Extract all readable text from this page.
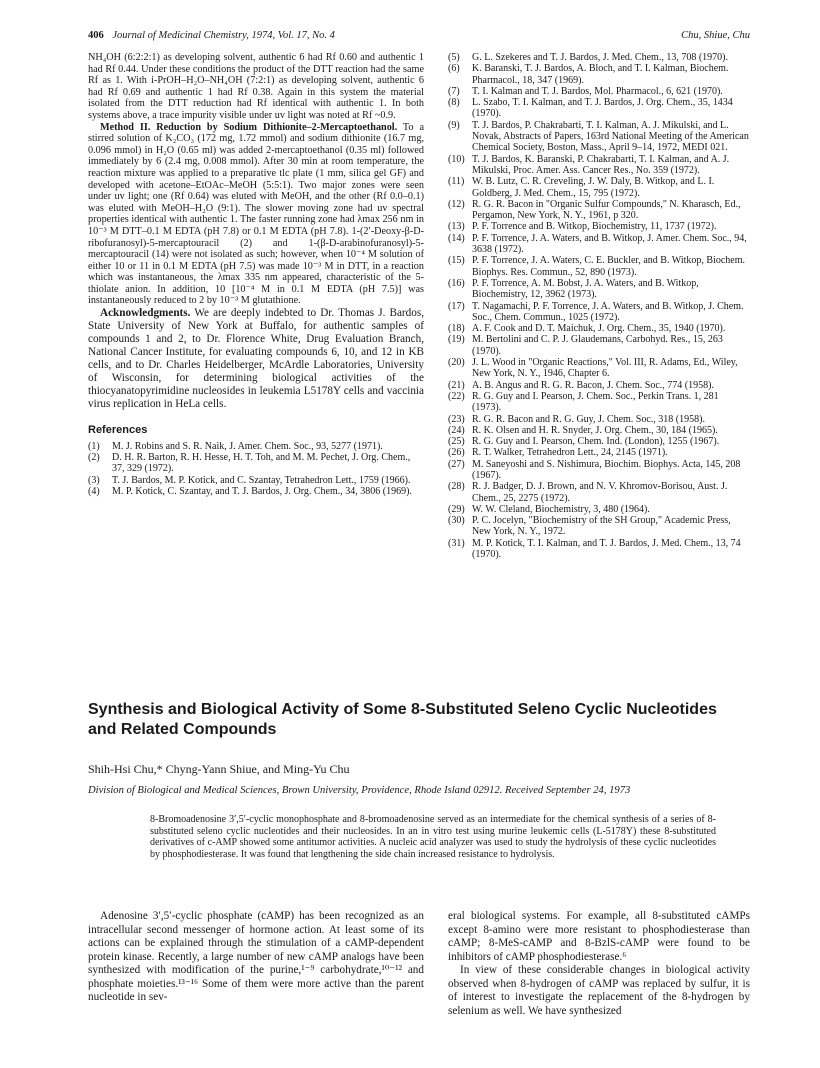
406 Journal of Medicinal Chemistry, 1974, Vol. 17, No. 4	Chu, Shiue, Chu

NH₄OH (6:2:2:1) as developing solvent, authentic 6 had Rf 0.60 and authentic 1 had Rf 0.44. Under these conditions the product of the DTT reaction had the same Rf as 1. With i-PrOH–H₂O–NH₄OH (7:2:1) as developing solvent, authentic 6 had Rf 0.69 and authentic 1 had Rf 0.38. Again in this system the material isolated from the DTT reduction had Rf identical with authentic 1. In both systems above, a trace impurity visible under uv light was noted at Rf ~0.9.

Method II. Reduction by Sodium Dithionite–2-Mercaptoethanol. To a stirred solution of K₂CO₃ (172 mg, 1.72 mmol) and sodium dithionite (16.7 mg, 0.096 mmol) in H₂O (0.65 ml) was added 2-mercaptoethanol (0.35 ml) followed immediately by 6 (2.4 mg, 0.008 mmol). After 30 min at room temperature, the reaction mixture was applied to a preparative tlc plate (1 mm, silica gel GF) and developed with acetone–EtOAc–MeOH (5:5:1). Two major zones were seen under uv light; one (Rf 0.64) was eluted with MeOH, and the other (Rf 0.0–0.1) was eluted with MeOH–H₂O (9:1). The slower moving zone had uv spectral properties identical with authentic 1. The faster running zone had λmax 256 nm in 10⁻³ M DTT–0.1 M EDTA (pH 7.8) or 0.1 M EDTA (pH 7.8). 1-(2′-Deoxy-β-D-ribofuranosyl)-5-mercaptouracil (2) and 1-(β-D-arabinofuranosyl)-5-mercaptouracil (14) were not isolated as such; however, when 10⁻⁴ M solution of either 10 or 11 in 0.1 M EDTA (pH 7.5) was made 10⁻³ M in DTT, in a reaction which was instantaneous, the λmax 335 nm appeared, characteristic of the 5-thiolate anion. In addition, 10 [10⁻⁴ M in 0.1 M EDTA (pH 7.5)] was instantaneously reduced to 2 by 10⁻³ M glutathione.

Acknowledgments. We are deeply indebted to Dr. Thomas J. Bardos, State University of New York at Buffalo, for authentic samples of compounds 1 and 2, to Dr. Florence White, Drug Evaluation Branch, National Cancer Institute, for evaluating compounds 6, 10, and 12 in KB cells, and to Dr. Charles Heidelberger, McArdle Laboratories, University of Wisconsin, for determining biological activities of the thiocyanatopyrimidine nucleosides in leukemia L5178Y cells and vaccinia virus replication in HeLa cells.

References
(1)	M. J. Robins and S. R. Naik, J. Amer. Chem. Soc., 93, 5277 (1971).
(2)	D. H. R. Barton, R. H. Hesse, H. T. Toh, and M. M. Pechet, J. Org. Chem., 37, 329 (1972).
(3)	T. J. Bardos, M. P. Kotick, and C. Szantay, Tetrahedron Lett., 1759 (1966).
(4)	M. P. Kotick, C. Szantay, and T. J. Bardos, J. Org. Chem., 34, 3806 (1969).
(5)	G. L. Szekeres and T. J. Bardos, J. Med. Chem., 13, 708 (1970).
(6)	K. Baranski, T. J. Bardos, A. Bloch, and T. I. Kalman, Biochem. Pharmacol., 18, 347 (1969).
(7)	T. I. Kalman and T. J. Bardos, Mol. Pharmacol., 6, 621 (1970).
(8)	L. Szabo, T. I. Kalman, and T. J. Bardos, J. Org. Chem., 35, 1434 (1970).
(9)	T. J. Bardos, P. Chakrabarti, T. I. Kalman, A. J. Mikulski, and L. Novak, Abstracts of Papers, 163rd National Meeting of the American Chemical Society, Boston, Mass., April 9–14, 1972, MEDI 021.
(10) T. J. Bardos, K. Baranski, P. Chakrabarti, T. I. Kalman, and A. J. Mikulski, Proc. Amer. Ass. Cancer Res., No. 359 (1972).
(11) W. B. Lutz, C. R. Creveling, J. W. Daly, B. Witkop, and L. I. Goldberg, J. Med. Chem., 15, 795 (1972).
(12) R. G. R. Bacon in "Organic Sulfur Compounds," N. Kharasch, Ed., Pergamon, New York, N. Y., 1961, p 320.
(13) P. F. Torrence and B. Witkop, Biochemistry, 11, 1737 (1972).
(14) P. F. Torrence, J. A. Waters, and B. Witkop, J. Amer. Chem. Soc., 94, 3638 (1972).
(15) P. F. Torrence, J. A. Waters, C. E. Buckler, and B. Witkop, Biochem. Biophys. Res. Commun., 52, 890 (1973).
(16) P. F. Torrence, A. M. Bobst, J. A. Waters, and B. Witkop, Biochemistry, 12, 3962 (1973).
(17) T. Nagamachi, P. F. Torrence, J. A. Waters, and B. Witkop, J. Chem. Soc., Chem. Commun., 1025 (1972).
(18) A. F. Cook and D. T. Maichuk, J. Org. Chem., 35, 1940 (1970).
(19) M. Bertolini and C. P. J. Glaudemans, Carbohyd. Res., 15, 263 (1970).
(20) J. L. Wood in "Organic Reactions," Vol. III, R. Adams, Ed., Wiley, New York, N. Y., 1946, Chapter 6.
(21) A. B. Angus and R. G. R. Bacon, J. Chem. Soc., 774 (1958).
(22) R. G. Guy and I. Pearson, J. Chem. Soc., Perkin Trans. 1, 281 (1973).
(23) R. G. R. Bacon and R. G. Guy, J. Chem. Soc., 318 (1958).
(24) R. K. Olsen and H. R. Snyder, J. Org. Chem., 30, 184 (1965).
(25) R. G. Guy and I. Pearson, Chem. Ind. (London), 1255 (1967).
(26) R. T. Walker, Tetrahedron Lett., 24, 2145 (1971).
(27) M. Saneyoshi and S. Nishimura, Biochim. Biophys. Acta, 145, 208 (1967).
(28) R. J. Badger, D. J. Brown, and N. V. Khromov-Borisou, Aust. J. Chem., 25, 2275 (1972).
(29) W. W. Cleland, Biochemistry, 3, 480 (1964).
(30) P. C. Jocelyn, "Biochemistry of the SH Group," Academic Press, New York, N. Y., 1972.
(31) M. P. Kotick, T. I. Kalman, and T. J. Bardos, J. Med. Chem., 13, 74 (1970).
Synthesis and Biological Activity of Some 8-Substituted Seleno Cyclic Nucleotides and Related Compounds
Shih-Hsi Chu,* Chyng-Yann Shiue, and Ming-Yu Chu
Division of Biological and Medical Sciences, Brown University, Providence, Rhode Island 02912. Received September 24, 1973
8-Bromoadenosine 3′,5′-cyclic monophosphate and 8-bromoadenosine served as an intermediate for the chemical synthesis of a series of 8-substituted seleno cyclic nucleotides and their nucleosides. In an in vitro test using murine leukemic cells (L-5178Y) these 8-substituted derivatives of c-AMP showed some antitumor activities. A nucleic acid analyzer was used to study the hydrolysis of these cyclic nucleotides by phosphodiesterase. It was found that lengthening the side chain increased resistance to hydrolysis.

Adenosine 3′,5′-cyclic phosphate (cAMP) has been recognized as an intracellular second messenger of hormone action. At least some of its actions can be explained through the stimulation of a cAMP-dependent protein kinase. Recently, a large number of new cAMP analogs have been synthesized with modification of the purine,¹⁻⁹ carbohydrate,¹⁰⁻¹² and phosphate moieties.¹³⁻¹⁶ Some of them were more active than the parent nucleotide in sev-

eral biological systems. For example, all 8-substituted cAMPs except 8-amino were more resistant to phosphodiesterase than cAMP; 8-MeS-cAMP and 8-BzlS-cAMP were found to be inhibitors of cAMP phosphodiesterase.⁶

In view of these considerable changes in biological activity observed when 8-hydrogen of cAMP was replaced by sulfur, it is of interest to investigate the replacement of the 8-hydrogen by selenium as well. We have synthesized
